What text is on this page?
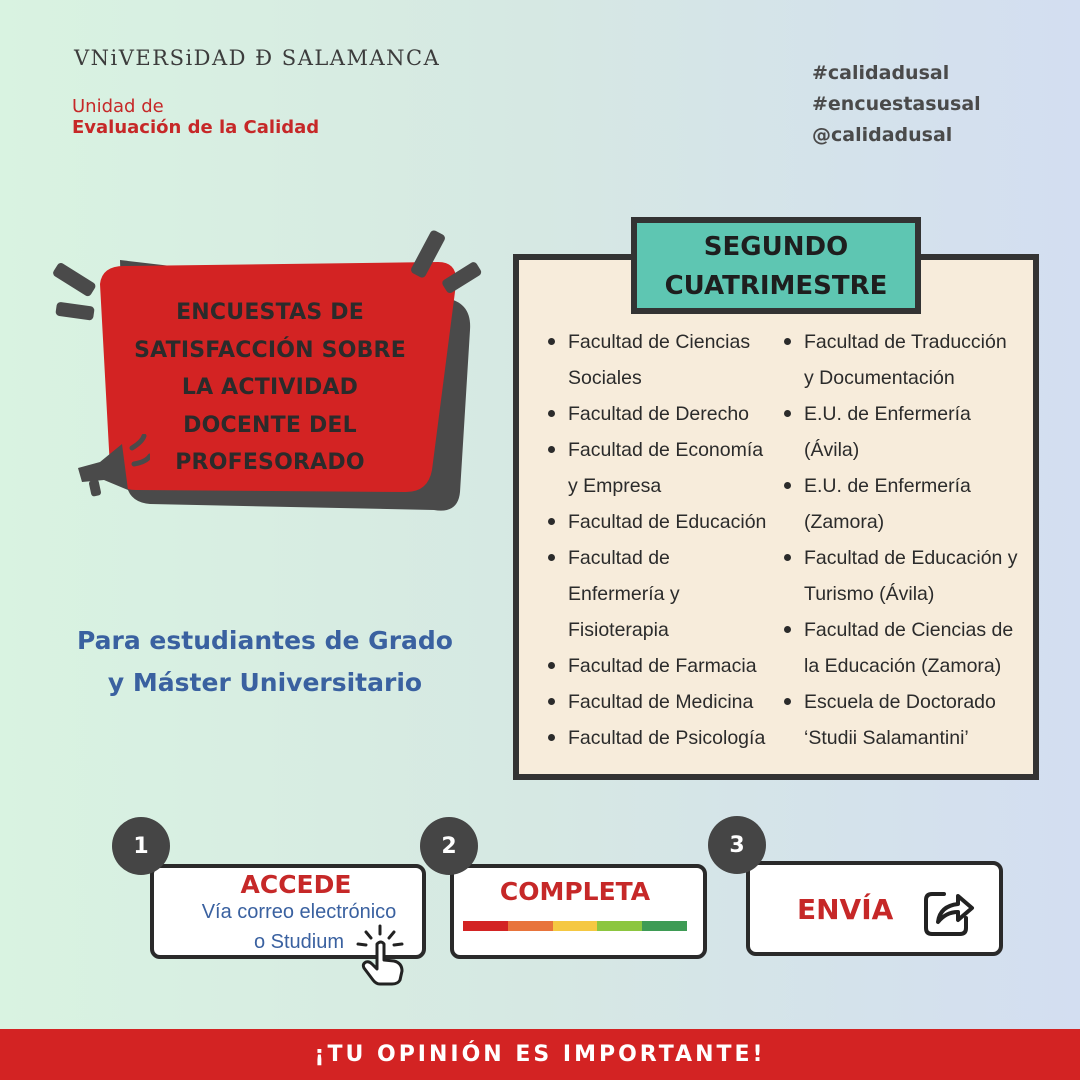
VNiVERSiDAD Ð SALAMANCA
Unidad de
Evaluación de la Calidad
#calidadusal
#encuestasusal
@calidadusal
ENCUESTAS DE
SATISFACCIÓN SOBRE
LA ACTIVIDAD
DOCENTE DEL
PROFESORADO
Para estudiantes de Grado
y Máster Universitario
SEGUNDO
CUATRIMESTRE
Facultad de Ciencias
Sociales
Facultad de Derecho
Facultad de Economía
y Empresa
Facultad de Educación
Facultad de
Enfermería y
Fisioterapia
Facultad de Farmacia
Facultad de Medicina
Facultad de Psicología
Facultad de Traducción
y Documentación
E.U. de Enfermería
(Ávila)
E.U. de Enfermería
(Zamora)
Facultad de Educación y
Turismo (Ávila)
Facultad de Ciencias de
la Educación (Zamora)
Escuela de Doctorado
‘Studii Salamantini’
1
ACCEDE
Vía correo electrónico
o Studium
2
COMPLETA
3
ENVÍA
¡TU OPINIÓN ES IMPORTANTE!
